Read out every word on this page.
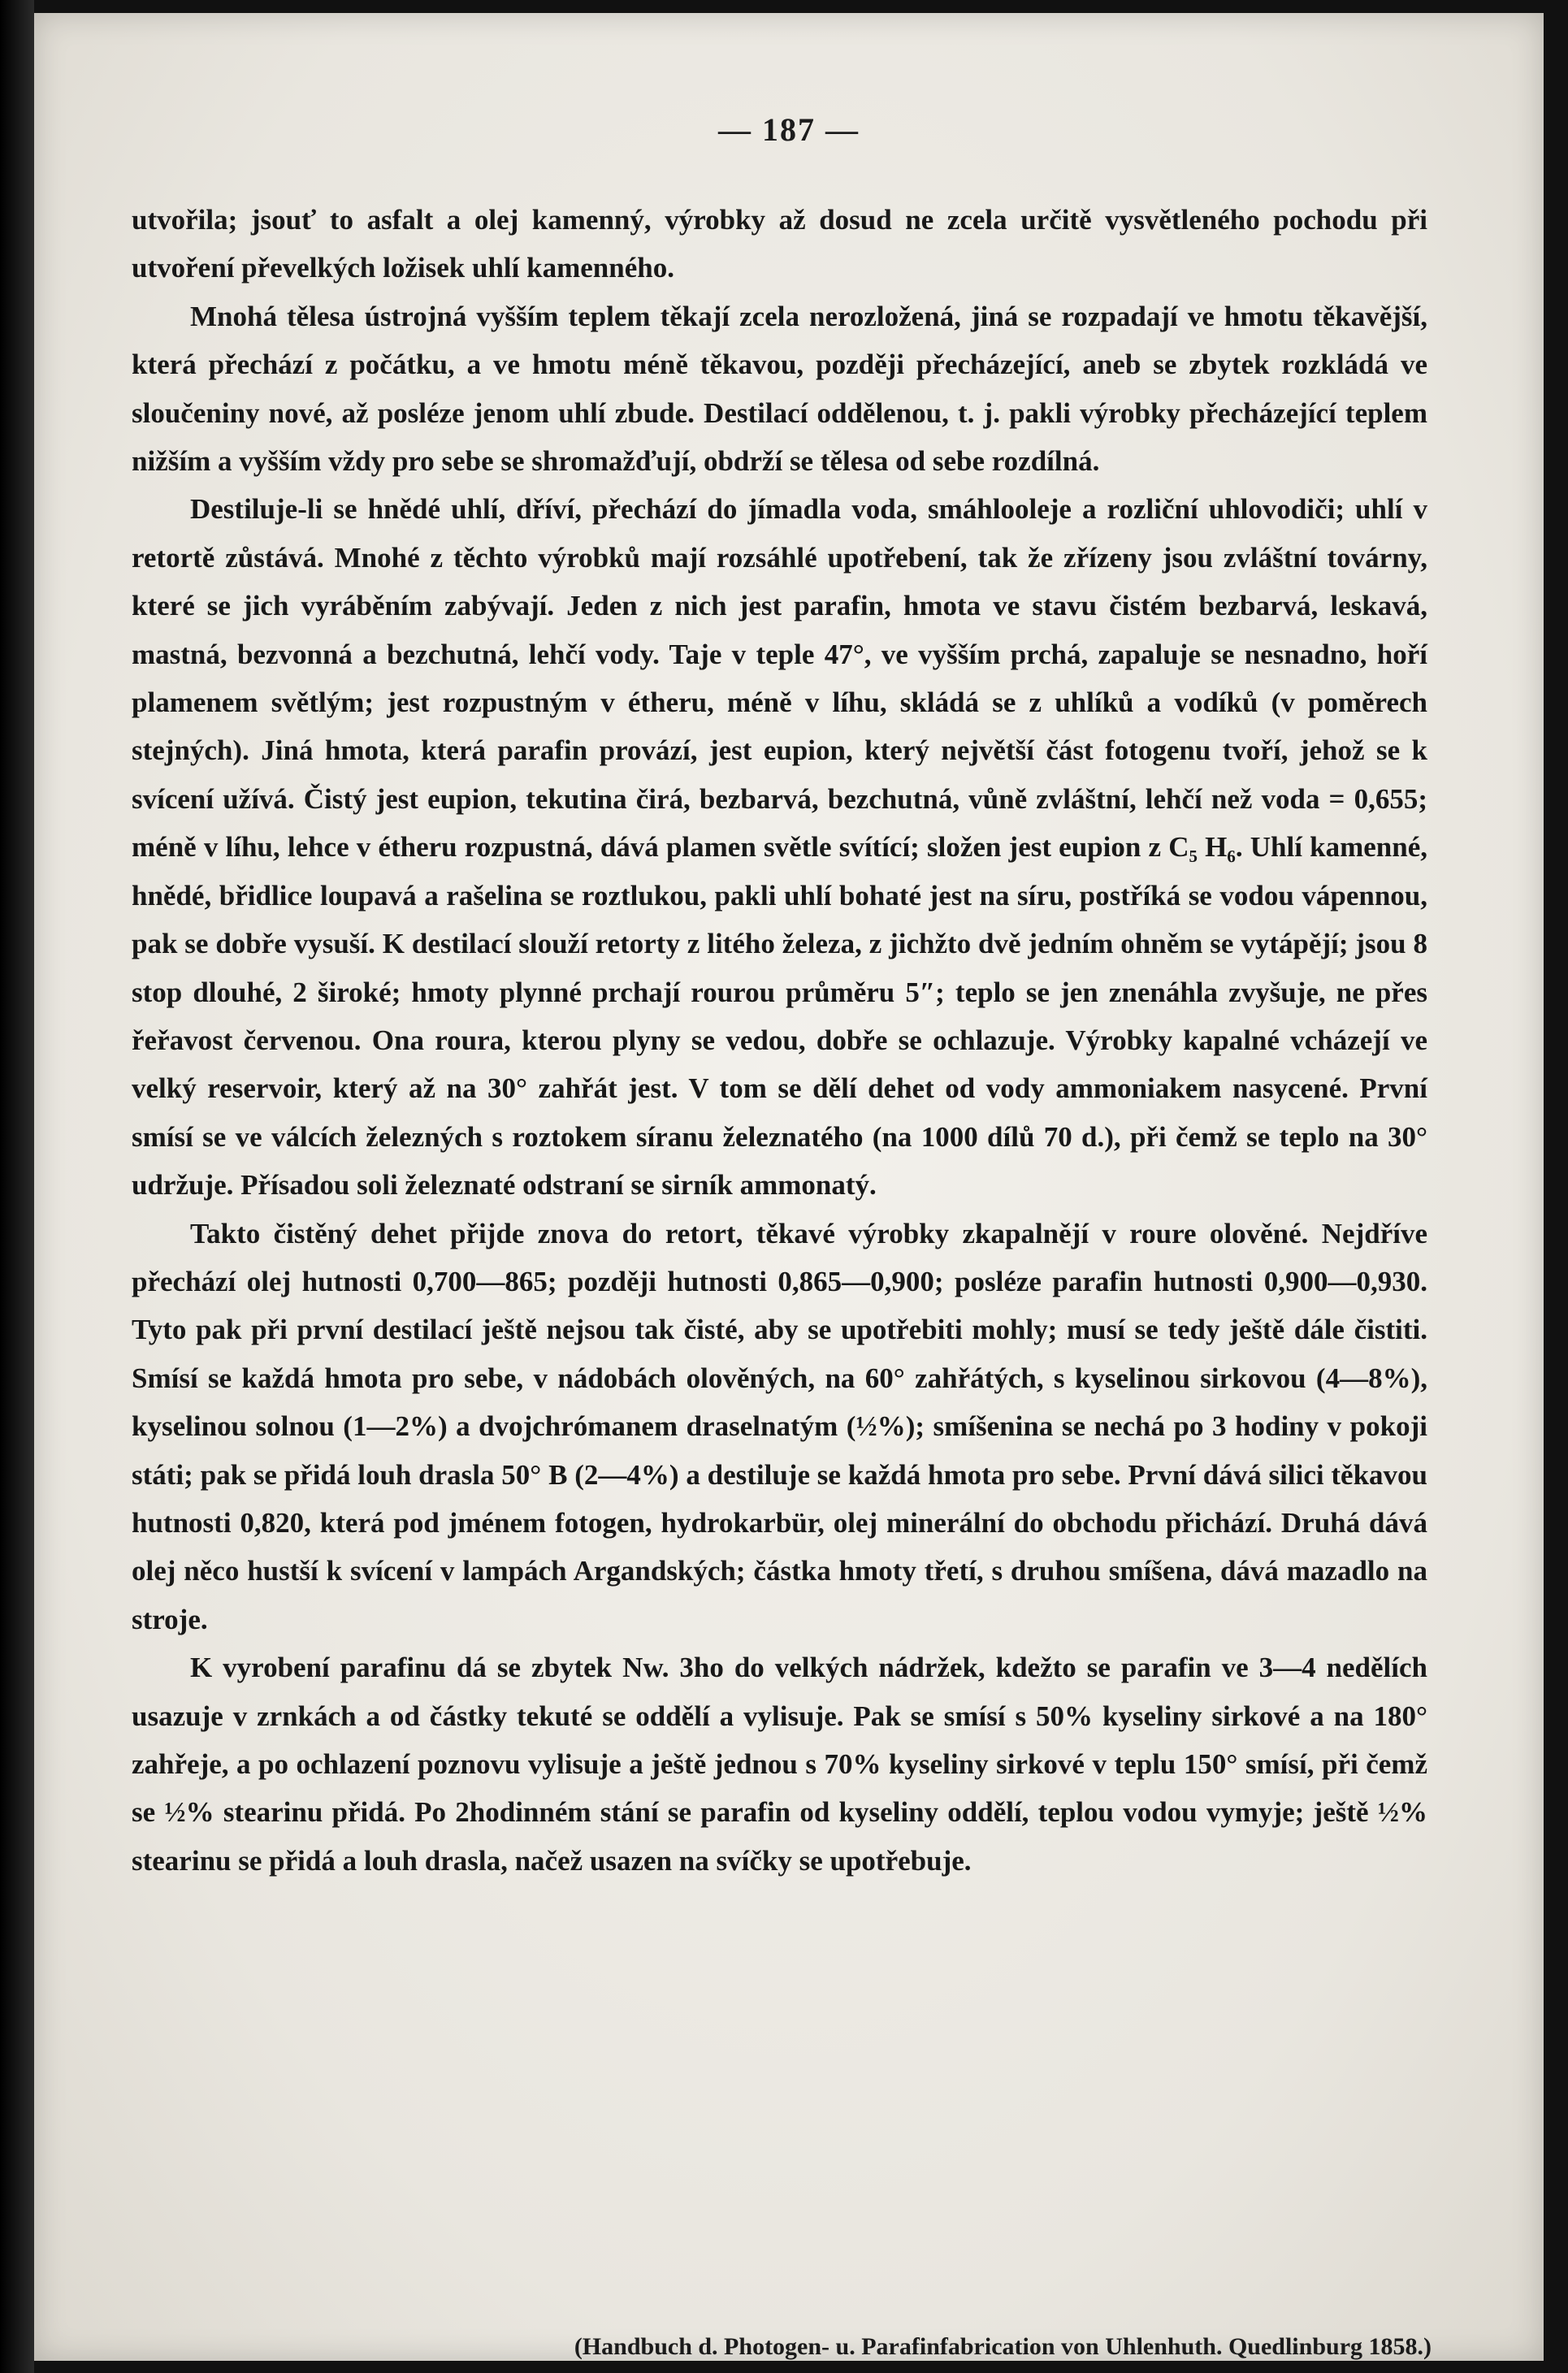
— 187 —

utvořila; jsouť to asfalt a olej kamenný, výrobky až dosud ne zcela určitě vysvětleného pochodu při utvoření převelkých ložisek uhlí kamenného.

Mnohá tělesa ústrojná vyšším teplem těkají zcela nerozložená, jiná se rozpadají ve hmotu těkavější, která přechází z počátku, a ve hmotu méně těkavou, později přecházející, aneb se zbytek rozkládá ve sloučeniny nové, až posléze jenom uhlí zbude. Destilací oddělenou, t. j. pakli výrobky přecházející teplem nižším a vyšším vždy pro sebe se shromažďují, obdrží se tělesa od sebe rozdílná.

Destiluje-li se hnědé uhlí, dříví, přechází do jímadla voda, smáhlooleje a rozliční uhlovodiči; uhlí v retortě zůstává. Mnohé z těchto výrobků mají rozsáhlé upotřebení, tak že zřízeny jsou zvláštní továrny, které se jich vyráběním zabývají. Jeden z nich jest parafin, hmota ve stavu čistém bezbarvá, leskavá, mastná, bezvonná a bezchutná, lehčí vody. Taje v teple 47°, ve vyšším prchá, zapaluje se nesnadno, hoří plamenem světlým; jest rozpustným v étheru, méně v líhu, skládá se z uhlíků a vodíků (v poměrech stejných). Jiná hmota, která parafin provází, jest eupion, který největší část fotogenu tvoří, jehož se k svícení užívá. Čistý jest eupion, tekutina čirá, bezbarvá, bezchutná, vůně zvláštní, lehčí než voda = 0,655; méně v líhu, lehce v étheru rozpustná, dává plamen světle svítící; složen jest eupion z C₅ H₆. Uhlí kamenné, hnědé, břidlice loupavá a rašelina se roztlukou, pakli uhlí bohaté jest na síru, postříká se vodou vápennou, pak se dobře vysuší. K destilací slouží retorty z litého železa, z jichžto dvě jedním ohněm se vytápějí; jsou 8 stop dlouhé, 2 široké; hmoty plynné prchají rourou průměru 5″; teplo se jen znenáhla zvyšuje, ne přes řeřavost červenou. Ona roura, kterou plyny se vedou, dobře se ochlazuje. Výrobky kapalné vcházejí ve velký reservoir, který až na 30° zahřát jest. V tom se dělí dehet od vody ammoniakem nasycené. První smísí se ve válcích železných s roztokem síranu železnatého (na 1000 dílů 70 d.), při čemž se teplo na 30° udržuje. Přísadou soli železnaté odstraní se sirník ammonatý.

Takto čistěný dehet přijde znova do retort, těkavé výrobky zkapalnějí v roure olověné. Nejdříve přechází olej hutnosti 0,700—865; později hutnosti 0,865—0,900; posléze parafin hutnosti 0,900—0,930. Tyto pak při první destilací ještě nejsou tak čisté, aby se upotřebiti mohly; musí se tedy ještě dále čistiti. Smísí se každá hmota pro sebe, v nádobách olověných, na 60° zahřátých, s kyselinou sirkovou (4—8%), kyselinou solnou (1—2%) a dvojchrómanem draselnatým (½%); smíšenina se nechá po 3 hodiny v pokoji státi; pak se přidá louh drasla 50° B (2—4%) a destiluje se každá hmota pro sebe. První dává silici těkavou hutnosti 0,820, která pod jménem fotogen, hydrokarbür, olej minerální do obchodu přichází. Druhá dává olej něco hustší k svícení v lampách Argandských; částka hmoty třetí, s druhou smíšena, dává mazadlo na stroje.

K vyrobení parafinu dá se zbytek Nw. 3ho do velkých nádržek, kdežto se parafin ve 3—4 nedělích usazuje v zrnkách a od částky tekuté se oddělí a vylisuje. Pak se smísí s 50% kyseliny sirkové a na 180° zahřeje, a po ochlazení poznovu vylisuje a ještě jednou s 70% kyseliny sirkové v teplu 150° smísí, při čemž se ½% stearinu přidá. Po 2hodinném stání se parafin od kyseliny oddělí, teplou vodou vymyje; ještě ½% stearinu se přidá a louh drasla, načež usazen na svíčky se upotřebuje.

(Handbuch d. Photogen- u. Parafinfabrication von Uhlenhuth. Quedlinburg 1858.)
